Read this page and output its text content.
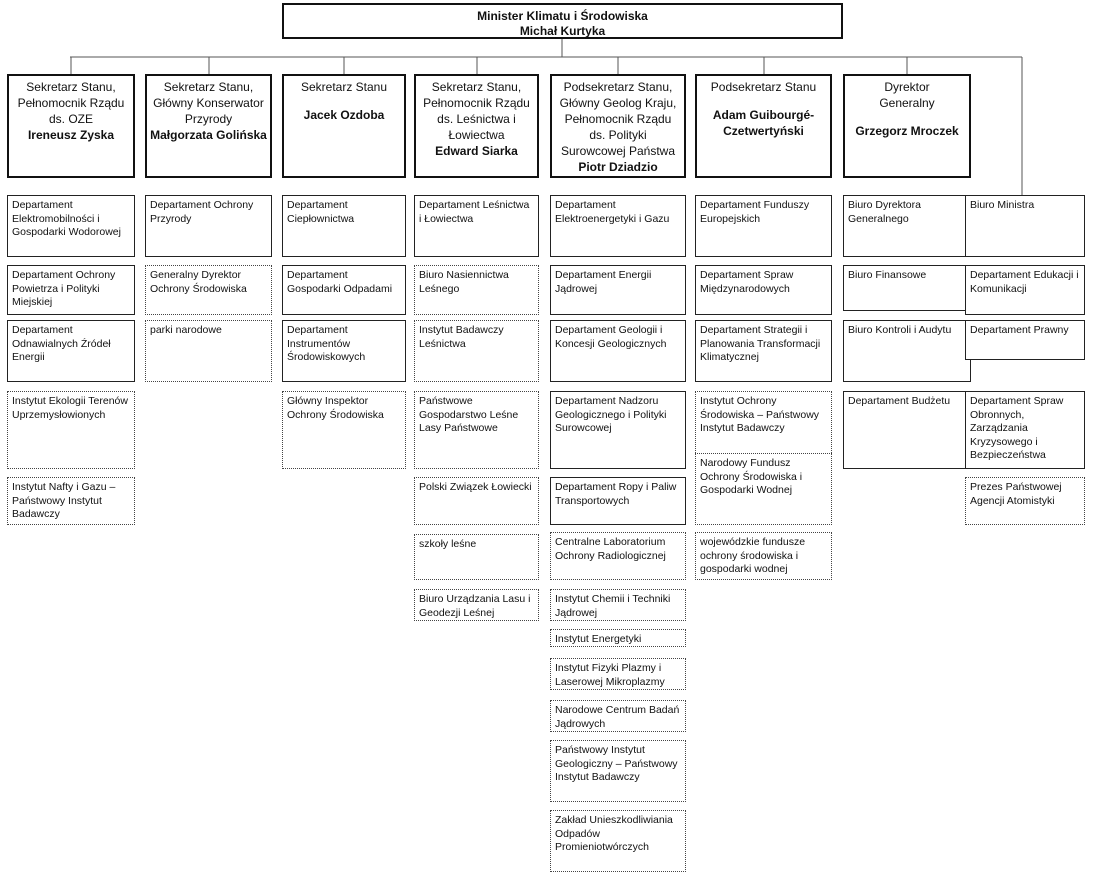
Minister Klimatu i Środowiska
Michał Kurtyka
Sekretarz Stanu,
Pełnomocnik Rządu
ds. OZE
Ireneusz Zyska
Departament Elektromobilności i Gospodarki Wodorowej
Departament Ochrony Powietrza i Polityki Miejskiej
Departament Odnawialnych Źródeł Energii
Instytut Ekologii Terenów Uprzemysłowionych
Instytut Nafty i Gazu – Państwowy Instytut Badawczy
Sekretarz Stanu,
Główny Konserwator
Przyrody
Małgorzata Golińska
Departament Ochrony Przyrody
Generalny Dyrektor Ochrony Środowiska
parki narodowe
Sekretarz Stanu
Jacek Ozdoba
Departament Ciepłownictwa
Departament Gospodarki Odpadami
Departament Instrumentów Środowiskowych
Główny Inspektor Ochrony Środowiska
Sekretarz Stanu,
Pełnomocnik Rządu
ds. Leśnictwa i
Łowiectwa
Edward Siarka
Departament Leśnictwa i Łowiectwa
Biuro Nasiennictwa Leśnego
Instytut Badawczy Leśnictwa
Państwowe Gospodarstwo Leśne Lasy Państwowe
Polski Związek Łowiecki
szkoły leśne
Biuro Urządzania Lasu i Geodezji Leśnej
Podsekretarz Stanu,
Główny Geolog Kraju,
Pełnomocnik Rządu
ds. Polityki
Surowcowej Państwa
Piotr Dziadzio
Departament Elektroenergetyki i Gazu
Departament Energii Jądrowej
Departament Geologii i Koncesji Geologicznych
Departament Nadzoru Geologicznego i Polityki Surowcowej
Departament Ropy i Paliw Transportowych
Centralne Laboratorium Ochrony Radiologicznej
Instytut Chemii i Techniki Jądrowej
Instytut Energetyki
Instytut Fizyki Plazmy i Laserowej Mikroplazmy
Narodowe Centrum Badań Jądrowych
Państwowy Instytut Geologiczny – Państwowy Instytut Badawczy
Zakład Unieszkodliwiania Odpadów Promieniotwórczych
Podsekretarz Stanu
Adam Guibourgé-
Czetwertyński
Departament Funduszy Europejskich
Departament Spraw Międzynarodowych
Departament Strategii i Planowania Transformacji Klimatycznej
Instytut Ochrony Środowiska – Państwowy Instytut Badawczy
Narodowy Fundusz Ochrony Środowiska i Gospodarki Wodnej
wojewódzkie fundusze ochrony środowiska i gospodarki wodnej
Dyrektor
Generalny
Grzegorz Mroczek
Biuro Dyrektora Generalnego
Biuro Finansowe
Biuro Kontroli i Audytu
Departament Budżetu
Biuro Ministra
Departament Edukacji i Komunikacji
Departament Prawny
Departament Spraw Obronnych, Zarządzania Kryzysowego i Bezpieczeństwa
Prezes Państwowej Agencji Atomistyki
